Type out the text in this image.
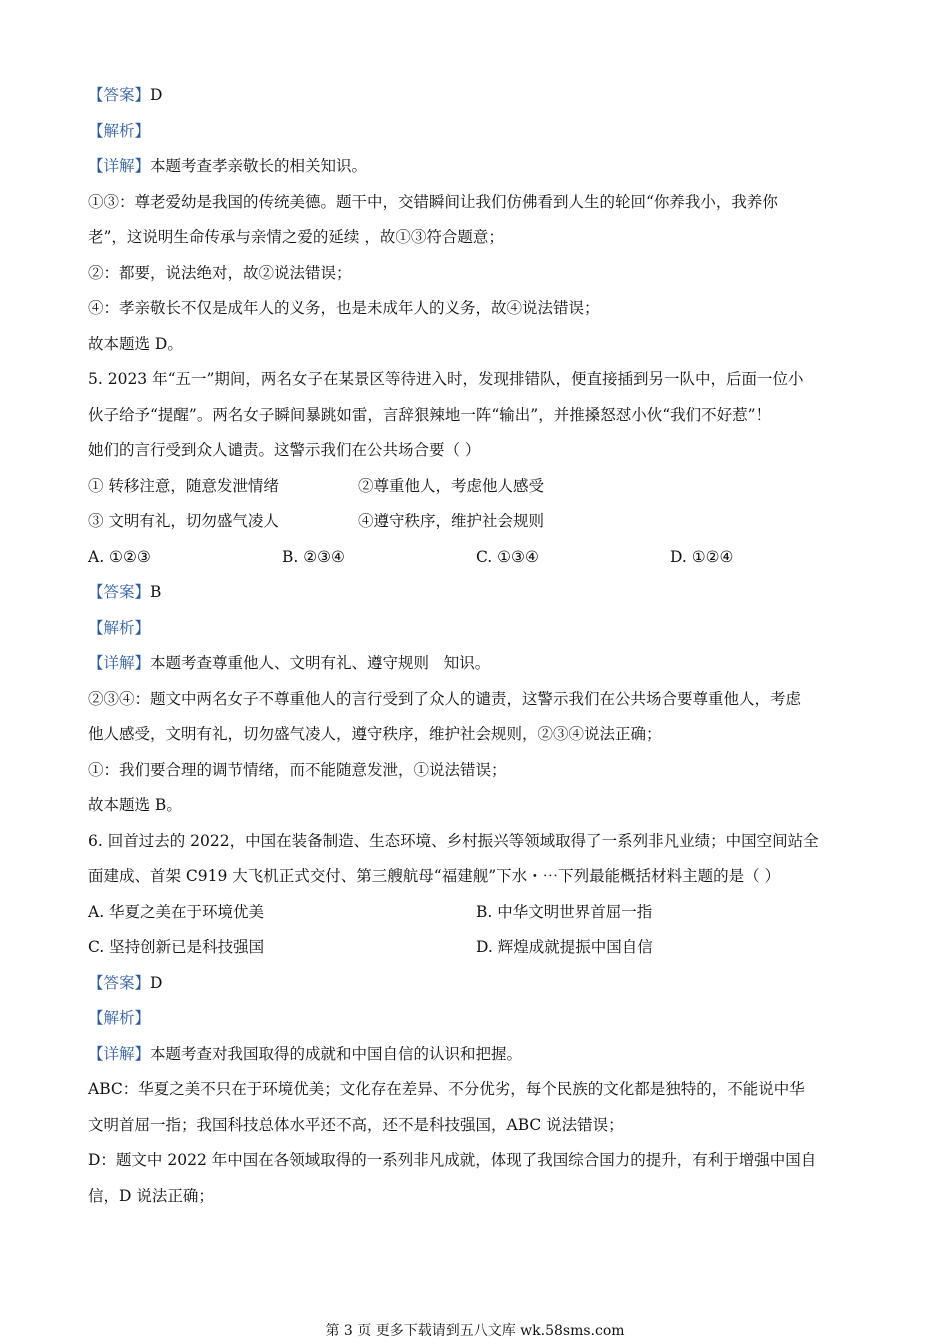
【答案】D
【解析】
【详解】本题考查孝亲敬长的相关知识。
①③：尊老爱幼是我国的传统美德。题干中，交错瞬间让我们仿佛看到人生的轮回“你养我小，我养你
老”，这说明生命传承与亲情之爱的延续 ，故①③符合题意；
②：都要，说法绝对，故②说法错误；
④：孝亲敬长不仅是成年人的义务，也是未成年人的义务，故④说法错误；
故本题选 D。
5. 2023 年“五一”期间，两名女子在某景区等待进入时，发现排错队，便直接插到另一队中，后面一位小
伙子给予“提醒”。两名女子瞬间暴跳如雷，言辞狠辣地一阵“输出”，并推搡怒怼小伙“我们不好惹”！
她们的言行受到众人谴责。这警示我们在公共场合要（ ）
① 转移注意，随意发泄情绪	②尊重他人，考虑他人感受
③ 文明有礼，切勿盛气凌人	④遵守秩序，维护社会规则
A. ①②③	B. ②③④	C. ①③④	D. ①②④
【答案】B
【解析】
【详解】本题考查尊重他人、文明有礼、遵守规则   知识。
②③④：题文中两名女子不尊重他人的言行受到了众人的谴责，这警示我们在公共场合要尊重他人，考虑
他人感受，文明有礼，切勿盛气凌人，遵守秩序，维护社会规则，②③④说法正确；
①：我们要合理的调节情绪，而不能随意发泄，①说法错误；
故本题选 B。
6. 回首过去的 2022，中国在装备制造、生态环境、乡村振兴等领域取得了一系列非凡业绩；中国空间站全
面建成、首架 C919 大飞机正式交付、第三艘航母“福建舰”下水・⋯下列最能概括材料主题的是（ ）
A. 华夏之美在于环境优美	B. 中华文明世界首屈一指
C. 坚持创新已是科技强国	D. 辉煌成就提振中国自信
【答案】D
【解析】
【详解】本题考查对我国取得的成就和中国自信的认识和把握。
ABC：华夏之美不只在于环境优美；文化存在差异、不分优劣，每个民族的文化都是独特的，不能说中华
文明首屈一指；我国科技总体水平还不高，还不是科技强国，ABC 说法错误；
D：题文中 2022 年中国在各领域取得的一系列非凡成就，体现了我国综合国力的提升，有利于增强中国自
信，D 说法正确；
第 3 页 更多下载请到五八文库 wk.58sms.com
